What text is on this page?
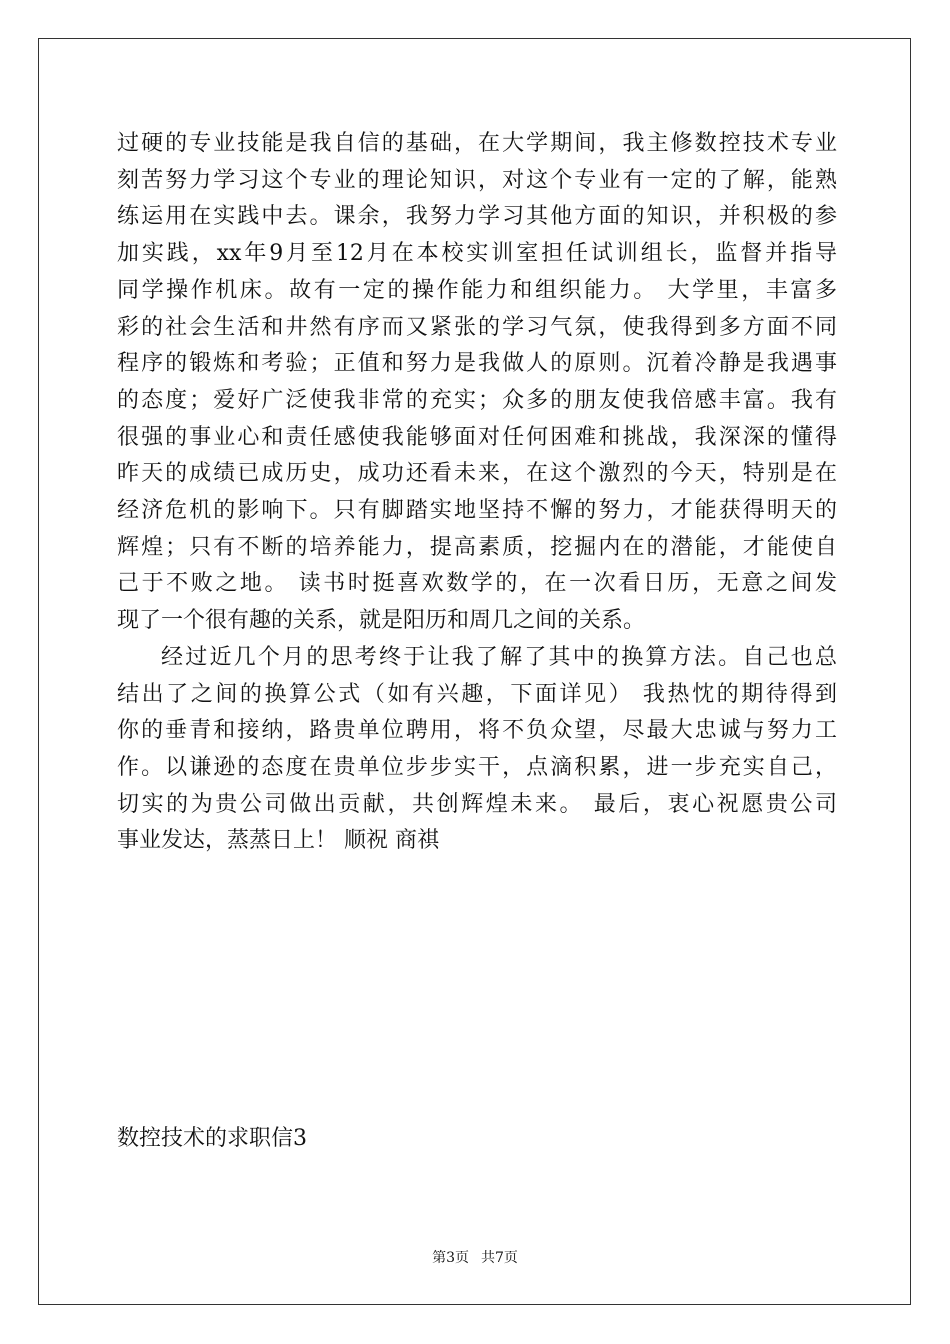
过硬的专业技能是我自信的基础，在大学期间，我主修数控技术专业
刻苦努力学习这个专业的理论知识，对这个专业有一定的了解，能熟
练运用在实践中去。课余，我努力学习其他方面的知识，并积极的参
加实践，xx年9月至12月在本校实训室担任试训组长，监督并指导
同学操作机床。故有一定的操作能力和组织能力。 大学里，丰富多
彩的社会生活和井然有序而又紧张的学习气氛，使我得到多方面不同
程序的锻炼和考验；正值和努力是我做人的原则。沉着冷静是我遇事
的态度；爱好广泛使我非常的充实；众多的朋友使我倍感丰富。我有
很强的事业心和责任感使我能够面对任何困难和挑战，我深深的懂得
昨天的成绩已成历史，成功还看未来，在这个激烈的今天，特别是在
经济危机的影响下。只有脚踏实地坚持不懈的努力，才能获得明天的
辉煌；只有不断的培养能力，提高素质，挖掘内在的潜能，才能使自
己于不败之地。 读书时挺喜欢数学的，在一次看日历，无意之间发
现了一个很有趣的关系，就是阳历和周几之间的关系。
经过近几个月的思考终于让我了解了其中的换算方法。自己也总
结出了之间的换算公式（如有兴趣，下面详见） 我热忱的期待得到
你的垂青和接纳，路贵单位聘用，将不负众望，尽最大忠诚与努力工
作。以谦逊的态度在贵单位步步实干，点滴积累，进一步充实自己，
切实的为贵公司做出贡献，共创辉煌未来。 最后，衷心祝愿贵公司
事业发达，蒸蒸日上！ 顺祝 商祺
数控技术的求职信3
第3页 共7页
